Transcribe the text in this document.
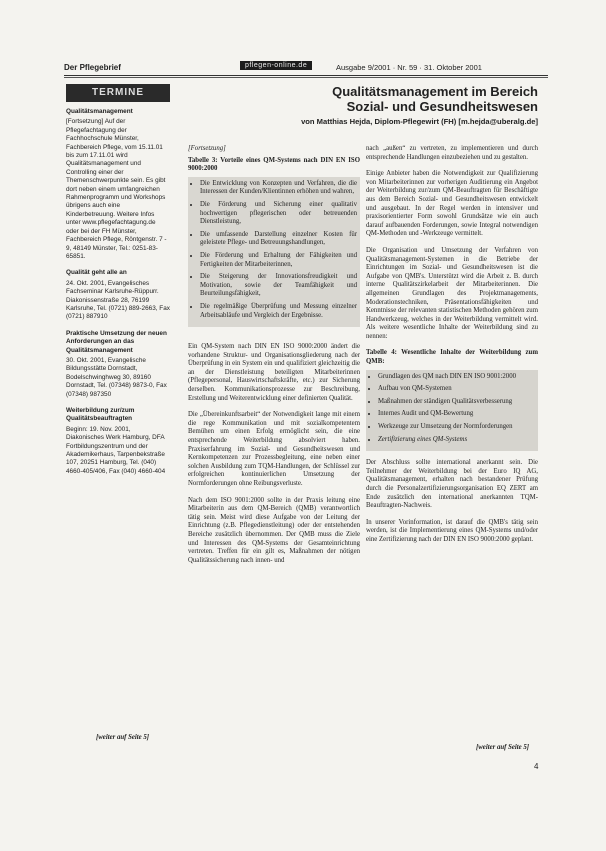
Der Pflegebrief	pflegen-online.de	Ausgabe 9/2001 · Nr. 59 · 31. Oktober 2001
TERMINE
Qualitätsmanagement
[Fortsetzung] Auf der Pflegefachtagung der Fachhochschule Münster, Fachbereich Pflege, vom 15.11.01 bis zum 17.11.01 wird Qualitätsmanagement und Controlling einer der Themenschwerpunkte sein. Es gibt dort neben einem umfangreichen Rahmenprogramm und Workshops übrigens auch eine Kinderbetreuung. Weitere Infos unter www.pflegefachtagung.de oder bei der FH Münster, Fachbereich Pflege, Röntgenstr. 7 - 9, 48149 Münster, Tel.: 0251-83-65851.
Qualität geht alle an
24. Okt. 2001, Evangelisches Fachseminar Karlsruhe-Rüppurr. Diakonissenstraße 28, 76199 Karlsruhe, Tel. (0721) 889-2663, Fax (0721) 887910
Praktische Umsetzung der neuen Anforderungen an das Qualitätsmanagement
30. Okt. 2001, Evangelische Bildungsstätte Dornstadt, Bodelschwinghweg 30, 89160 Dornstadt, Tel. (07348) 9873-0, Fax (07348) 987350
Weiterbildung zur/zum Qualitätsbeauftragten
Beginn: 19. Nov. 2001, Diakonisches Werk Hamburg, DFA Fortbildungszentrum und der Akademikerhaus, Tarpenbekstraße 107, 20251 Hamburg, Tel. (040) 4660-405/406, Fax (040) 4660-404
[weiter auf Seite 5]
Qualitätsmanagement im Bereich
Sozial- und Gesundheitswesen
von Matthias Hejda, Diplom-Pflegewirt (FH) [m.hejda@uberalg.de]

[Fortsetzung]

Tabelle 3: Vorteile eines QM-Systems nach DIN EN ISO 9000:2000
• Die Entwicklung von Konzepten und Verfahren, die die Interessen der Kunden/Klientinnen erhöhen und wahren,
• Die Förderung und Sicherung einer qualitativ hochwertigen pflegerischen oder betreuenden Dienstleistung,
• Die umfassende Darstellung einzelner Kosten für geleistete Pflege- und Betreuungshandlungen,
• Die Förderung und Erhaltung der Fähigkeiten und Fertigkeiten der Mitarbeiterinnen,
• Die Steigerung der Innovationsfreudigkeit und Motivation, sowie der Teamfähigkeit und Beurteilungsfähigkeit,
• Die regelmäßige Überprüfung und Messung einzelner Arbeitsabläufe und Vergleich der Ergebnisse.

Ein QM-System nach DIN EN ISO 9000:2000 ändert die vorhandene Struktur- und Organisationsgliederung nach der Überprüfung in ein System ein und qualifiziert gleichzeitig die an der Dienstleistung beteiligten Mitarbeiterinnen (Pflegepersonal, Hauswirtschaftskräfte, etc.) zur Sicherung derselben. Kommunikationsprozesse zur Beschreibung, Erstellung und Weiterentwicklung einer definierten Qualität.

Die „Übereinkunftsarbeit“ der Notwendigkeit lange mit einem die rege Kommunikation und mit sozialkompetentem Bemühen um einen Erfolg ermöglicht sein, die eine entsprechende Weiterbildung absolviert haben. Praxiserfahrung im Sozial- und Gesundheitswesen und Kernkompetenzen zur Prozessbegleitung, eine neben einer solchen Ausbildung zum TQM-Handlungen, der Schlüssel zur erfolgreichen kontinuierlichen Umsetzung der Normforderungen ohne Reibungsverluste.

Nach dem ISO 9001:2000 sollte in der Praxis leitung eine Mitarbeiterin aus dem QM-Bereich (QMB) verantwortlich tätig sein. Meist wird diese Aufgabe von der Leitung der Einrichtung (z.B. Pflegedienstleitung) oder der entstehenden Bereiche zusätzlich übernommen. Der QMB muss die Ziele und Interessen des QM-Systems der Gesamteinrichtung vertreten. Treffen für ein gilt es, Maßnahmen der nötigen Qualitätssicherung nach innen- und

nach „außen“ zu vertreten, zu implementieren und durch entsprechende Handlungen einzubeziehen und zu gestalten.

Einige Anbieter haben die Notwendigkeit zur Qualifizierung von Mitarbeiterinnen zur vorherigen Auditierung ein Angebot der Weiterbildung zur/zum QM-Beauftragten für Beschäftigte aus dem Bereich Sozial- und Gesundheitswesen entwickelt und ausgebaut. In der Regel werden in intensiver und praxisorientierter Form sowohl Grundsätze wie ein auch darauf aufbauenden Forderungen, sowie Integral notwendigen QM-Methoden und -Werkzeuge vermittelt.

Die Organisation und Umsetzung der Verfahren von Qualitätsmanagement-Systemen in die Betriebe der Einrichtungen im Sozial- und Gesundheitswesen ist die Aufgabe von QMB's. Unterstützt wird die Arbeit z. B. durch interne Qualitätszirkelarbeit der Mitarbeiterinnen. Die allgemeinen Grundlagen des Projektmanagements, Moderationstechniken, Präsentationsfähigkeiten und Kenntnisse der relevanten statistischen Methoden gehören zum Handwerkzeug, welches in der Weiterbildung vermittelt wird. Als weitere wesentliche Inhalte der Weiterbildung sind zu nennen:

Tabelle 4: Wesentliche Inhalte der Weiterbildung zum QMB:
• Grundlagen des QM nach DIN EN ISO 9001:2000
• Aufbau von QM-Systemen
• Maßnahmen der ständigen Qualitätsverbesserung
• Internes Audit und QM-Bewertung
• Werkzeuge zur Umsetzung der Normforderungen
• Zertifizierung eines QM-Systems

Der Abschluss sollte international anerkannt sein. Die Teilnehmer der Weiterbildung bei der Euro IQ AG, Qualitätsmanagement, erhalten nach bestandener Prüfung durch die Personalzertifizierungsorganisation EQ ZERT am Ende zusätzlich den international anerkannten TQM-Beauftragten-Nachweis.

In unserer Vorinformation, ist darauf die QMB's tätig sein werden, ist die Implementierung eines QM-Systems und/oder eine Zertifizierung nach der DIN EN ISO 9000:2000 geplant.

[weiter auf Seite 5]
4
